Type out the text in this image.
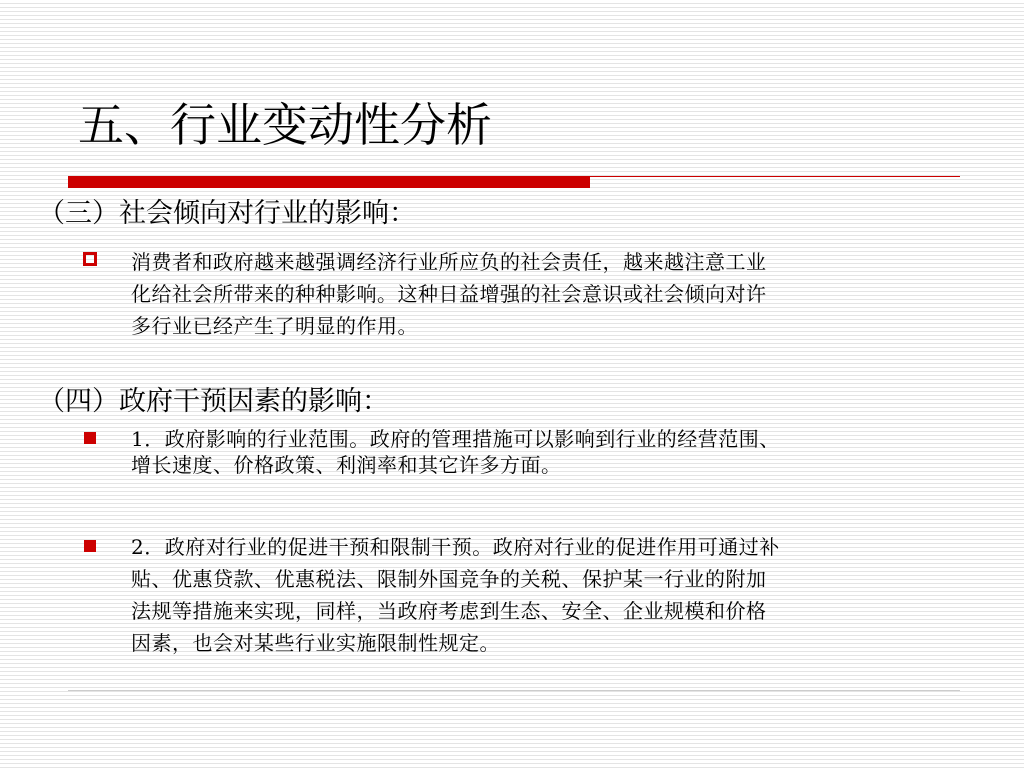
五、行业变动性分析
（三）社会倾向对行业的影响：
消费者和政府越来越强调经济行业所应负的社会责任，越来越注意工业
化给社会所带来的种种影响。这种日益增强的社会意识或社会倾向对许
多行业已经产生了明显的作用。
（四）政府干预因素的影响：
1．政府影响的行业范围。政府的管理措施可以影响到行业的经营范围、
增长速度、价格政策、利润率和其它许多方面。
2．政府对行业的促进干预和限制干预。政府对行业的促进作用可通过补
贴、优惠贷款、优惠税法、限制外国竞争的关税、保护某一行业的附加
法规等措施来实现，同样，当政府考虑到生态、安全、企业规模和价格
因素，也会对某些行业实施限制性规定。
